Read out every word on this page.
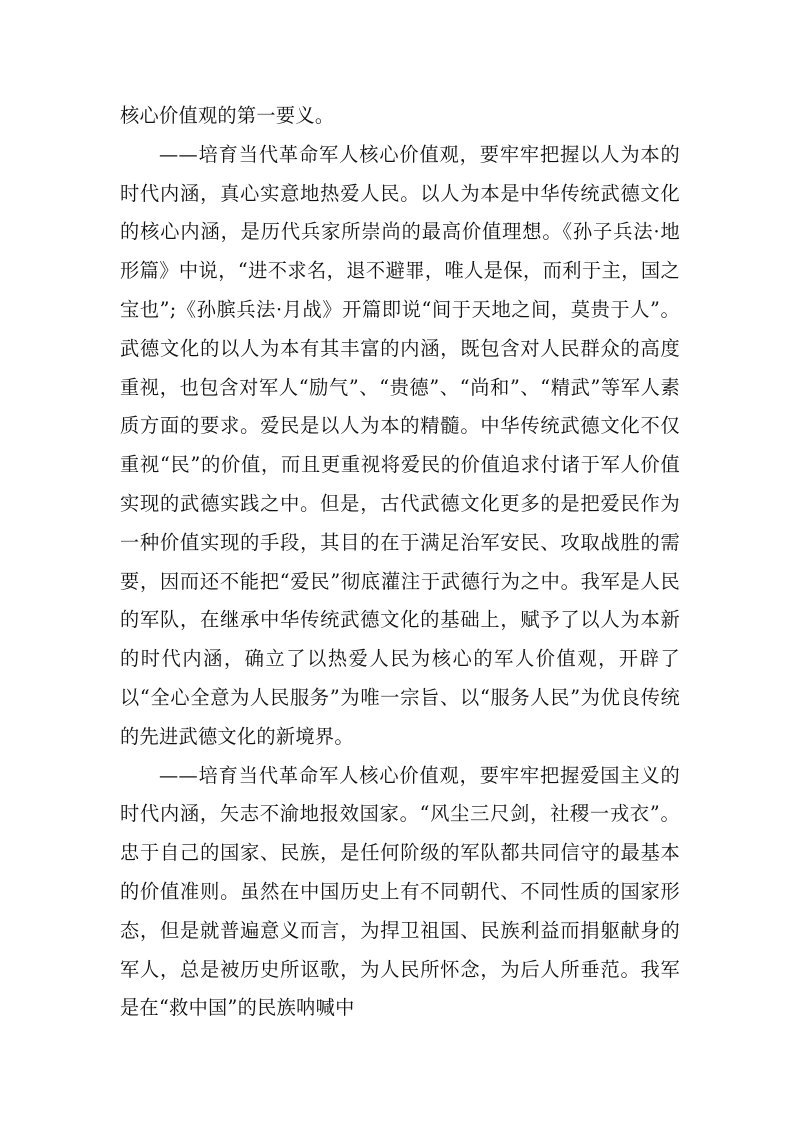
核心价值观的第一要义。

——培育当代革命军人核心价值观，要牢牢把握以人为本的时代内涵，真心实意地热爱人民。以人为本是中华传统武德文化的核心内涵，是历代兵家所崇尚的最高价值理想。《孙子兵法·地形篇》中说，“进不求名，退不避罪，唯人是保，而利于主，国之宝也”;《孙膑兵法·月战》开篇即说“间于天地之间，莫贵于人”。武德文化的以人为本有其丰富的内涵，既包含对人民群众的高度重视，也包含对军人“励气”、“贵德”、“尚和”、“精武”等军人素质方面的要求。爱民是以人为本的精髓。中华传统武德文化不仅重视“民”的价值，而且更重视将爱民的价值追求付诸于军人价值实现的武德实践之中。但是，古代武德文化更多的是把爱民作为一种价值实现的手段，其目的在于满足治军安民、攻取战胜的需要，因而还不能把“爱民”彻底灌注于武德行为之中。我军是人民的军队，在继承中华传统武德文化的基础上，赋予了以人为本新的时代内涵，确立了以热爱人民为核心的军人价值观，开辟了以“全心全意为人民服务”为唯一宗旨、以“服务人民”为优良传统的先进武德文化的新境界。

——培育当代革命军人核心价值观，要牢牢把握爱国主义的时代内涵，矢志不渝地报效国家。“风尘三尺剑，社稷一戎衣”。忠于自己的国家、民族，是任何阶级的军队都共同信守的最基本的价值准则。虽然在中国历史上有不同朝代、不同性质的国家形态，但是就普遍意义而言，为捍卫祖国、民族利益而捐躯献身的军人，总是被历史所讴歌，为人民所怀念，为后人所垂范。我军是在“救中国”的民族呐喊中
